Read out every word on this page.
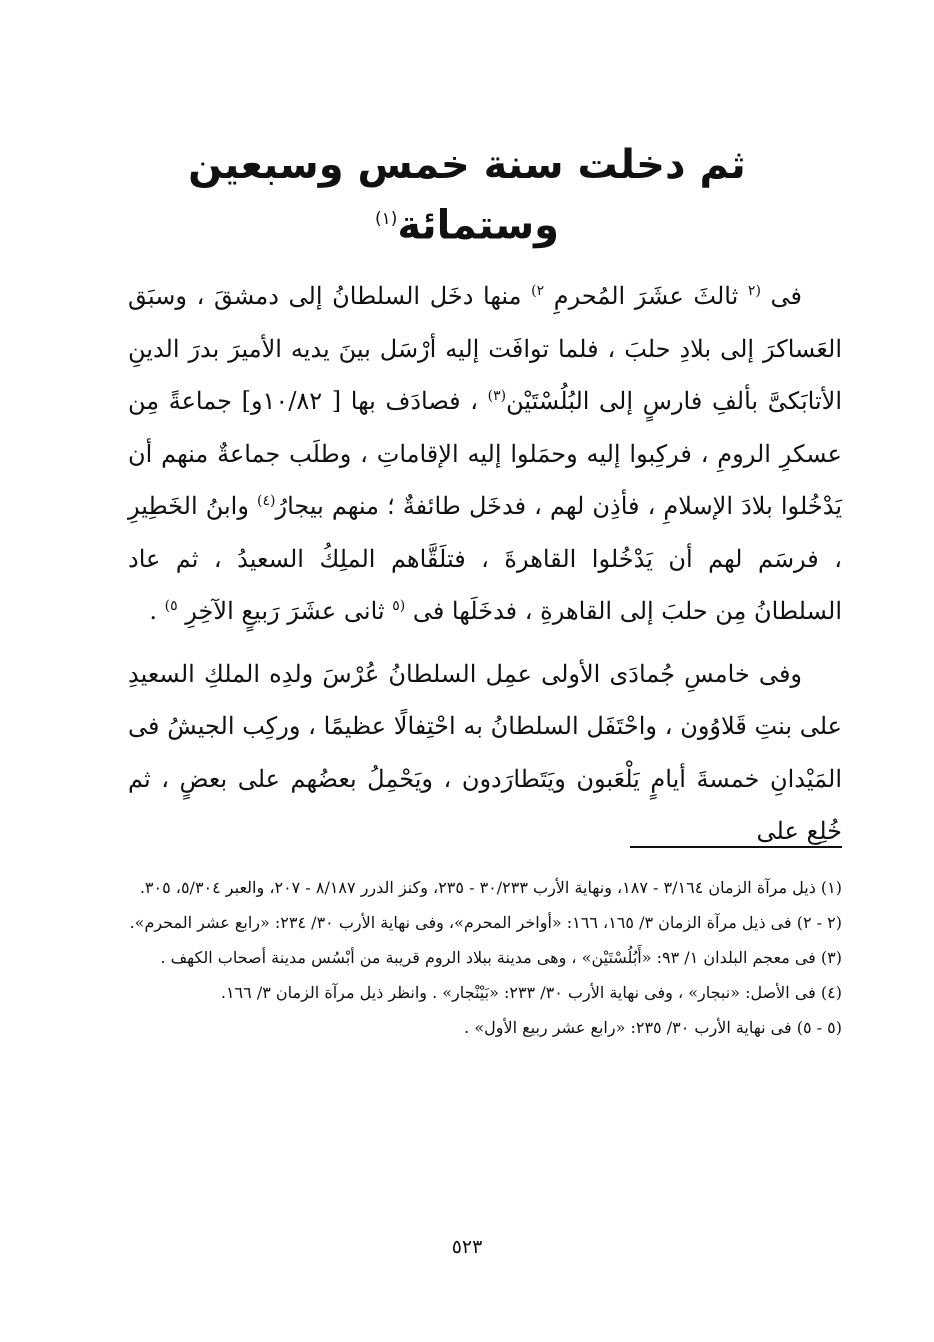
ثم دخلت سنة خمس وسبعين وستمائة$^{(١)}$

فى $^{(٢}$ ثالثَ عشَرَ المُحرمِ $^{٢)}$ منها دخَل السلطانُ إلى دمشقَ ، وسبَق العَساكرَ إلى بلادِ حلبَ ، فلما توافَت إليه أرْسَل بينَ يديه الأميرَ بدرَ الدينِ الأتابَكىَّ بألفِ فارسٍ إلى البُلُسْتَيْن$^{(٣)}$ ، فصادَف بها [ ١٠/٨٢و] جماعةً مِن عسكرِ الرومِ ، فركِبوا إليه وحمَلوا إليه الإقاماتِ ، وطلَب جماعةٌ منهم أن يَدْخُلوا بلادَ الإسلامِ ، فأذِن لهم ، فدخَل طائفةٌ ؛ منهم بيجارُ$^{(٤)}$ وابنُ الخَطِيرِ ، فرسَم لهم أن يَدْخُلوا القاهرةَ ، فتلَقَّاهم الملِكُ السعيدُ ، ثم عاد السلطانُ مِن حلبَ إلى القاهرةِ ، فدخَلَها فى $^{(٥}$ ثانى عشَرَ رَبيعٍ الآخِرِ $^{٥)}$ .

وفى خامسِ جُمادَى الأولى عمِل السلطانُ عُرْسَ ولدِه الملكِ السعيدِ على بنتِ قَلاوُون ، واحْتَفَل السلطانُ به احْتِفالًا عظيمًا ، وركِب الجيشُ فى المَيْدانِ خمسةَ أيامٍ يَلْعَبون ويَتَطارَدون ، ويَحْمِلُ بعضُهم على بعضٍ ، ثم خُلِع على

(١) ذيل مرآة الزمان ٣/١٦٤ - ١٨٧، ونهاية الأرب ٣٠/٢٣٣ - ٢٣٥، وكنز الدرر ٨/١٨٧ - ٢٠٧، والعبر ٥/٣٠٤، ٣٠٥.

(٢ - ٢) فى ذيل مرآة الزمان ٣/ ١٦٥، ١٦٦: «أواخر المحرم»، وفى نهاية الأرب ٣٠/ ٢٣٤: «رابع عشر المحرم».

(٣) فى معجم البلدان ١/ ٩٣: «أَبُلُسْتَيْن» ، وهى مدينة ببلاد الروم قريبة من أبْسُس مدينة أصحاب الكهف .

(٤) فى الأصل: «نبجار» ، وفى نهاية الأرب ٣٠/ ٢٣٣: «بَيْنْجار» . وانظر ذيل مرآة الزمان ٣/ ١٦٦.

(٥ - ٥) فى نهاية الأرب ٣٠/ ٢٣٥: «رابع عشر ربيع الأول» .

٥٢٣
